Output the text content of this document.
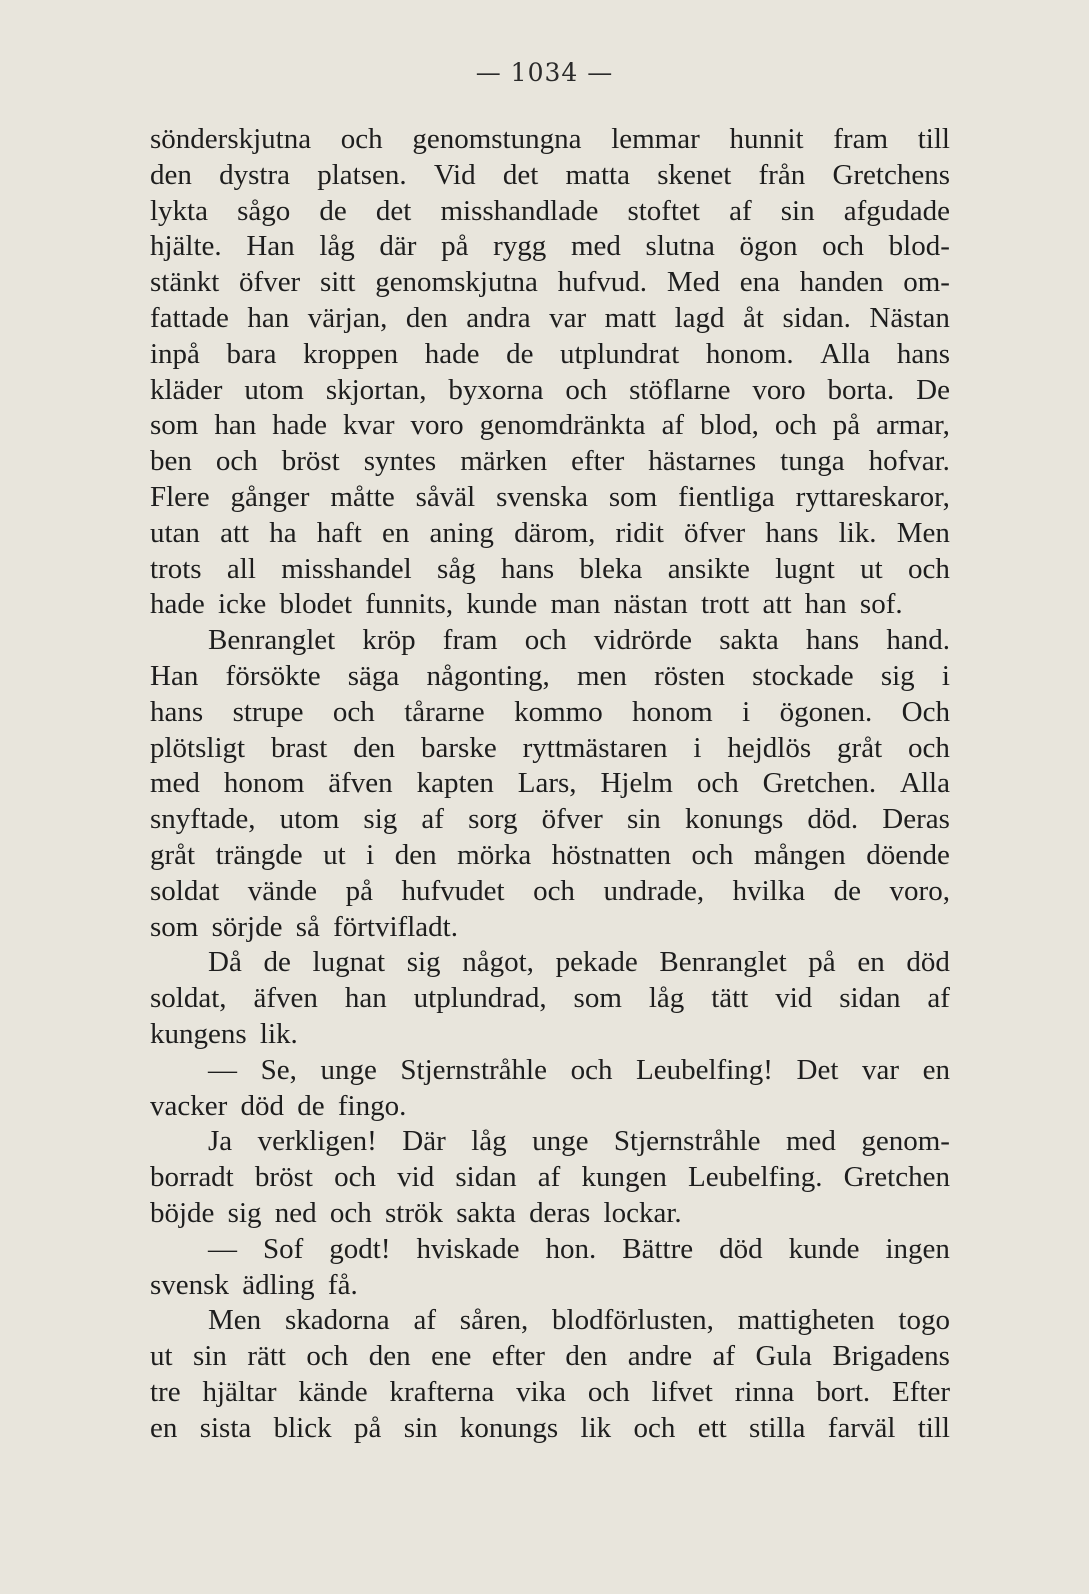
— 1034 —
sönderskjutna och genomstungna lemmar hunnit fram till
den dystra platsen. Vid det matta skenet från Gretchens
lykta sågo de det misshandlade stoftet af sin afgudade
hjälte. Han låg där på rygg med slutna ögon och blod-
stänkt öfver sitt genomskjutna hufvud. Med ena handen om-
fattade han värjan, den andra var matt lagd åt sidan. Nästan
inpå bara kroppen hade de utplundrat honom. Alla hans
kläder utom skjortan, byxorna och stöflarne voro borta. De
som han hade kvar voro genomdränkta af blod, och på armar,
ben och bröst syntes märken efter hästarnes tunga hofvar.
Flere gånger måtte såväl svenska som fientliga ryttareskaror,
utan att ha haft en aning därom, ridit öfver hans lik. Men
trots all misshandel såg hans bleka ansikte lugnt ut och
hade icke blodet funnits, kunde man nästan trott att han sof.
Benranglet kröp fram och vidrörde sakta hans hand.
Han försökte säga någonting, men rösten stockade sig i
hans strupe och tårarne kommo honom i ögonen. Och
plötsligt brast den barske ryttmästaren i hejdlös gråt och
med honom äfven kapten Lars, Hjelm och Gretchen. Alla
snyftade, utom sig af sorg öfver sin konungs död. Deras
gråt trängde ut i den mörka höstnatten och mången döende
soldat vände på hufvudet och undrade, hvilka de voro,
som sörjde så förtvifladt.
Då de lugnat sig något, pekade Benranglet på en död
soldat, äfven han utplundrad, som låg tätt vid sidan af
kungens lik.
— Se, unge Stjernstråhle och Leubelfing! Det var en
vacker död de fingo.
Ja verkligen! Där låg unge Stjernstråhle med genom-
borradt bröst och vid sidan af kungen Leubelfing. Gretchen
böjde sig ned och strök sakta deras lockar.
— Sof godt! hviskade hon. Bättre död kunde ingen
svensk ädling få.
Men skadorna af såren, blodförlusten, mattigheten togo
ut sin rätt och den ene efter den andre af Gula Brigadens
tre hjältar kände krafterna vika och lifvet rinna bort. Efter
en sista blick på sin konungs lik och ett stilla farväl till
